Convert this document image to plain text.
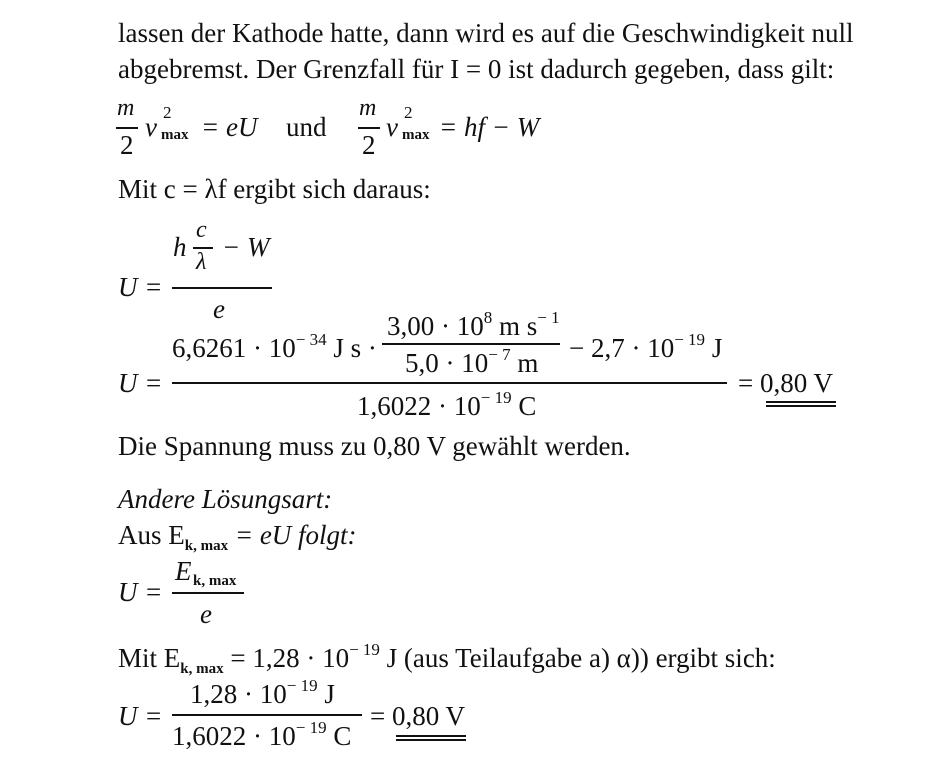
lassen der Kathode hatte, dann wird es auf die Geschwindigkeit null
abgebremst. Der Grenzfall für I = 0 ist dadurch gegeben, dass gilt:
m
2
v 2
max = eU und
m
2
v 2
max = hf − W
Mit c = λf ergibt sich daraus:
U =
h
c
λ − W
e
U =
$6,6261 \cdot 10^{- 34}$ J s ·
$3,00 \cdot 10^8$ m $s^{- 1}$
$5,0 \cdot 10^{- 7}$ $m - 2,7 \cdot 10^{- 19}$ J
$1,6022 \cdot 10^{- 19}$ C
= 0,80 V
Die Spannung muss zu 0,80 V gewählt werden.
Andere Lösungsart:
Aus $E_{k, max}$ = eU folgt:
U =
E k, max
e
Mit $E_{k, max} = 1,28 \cdot 10^{- 19}$ J (aus Teilaufgabe a) α)) ergibt sich:
U =
$1,28 \cdot 10^{- 19}$ J
$1,6022 \cdot 10^{- 19}$ C
= 0,80 V
